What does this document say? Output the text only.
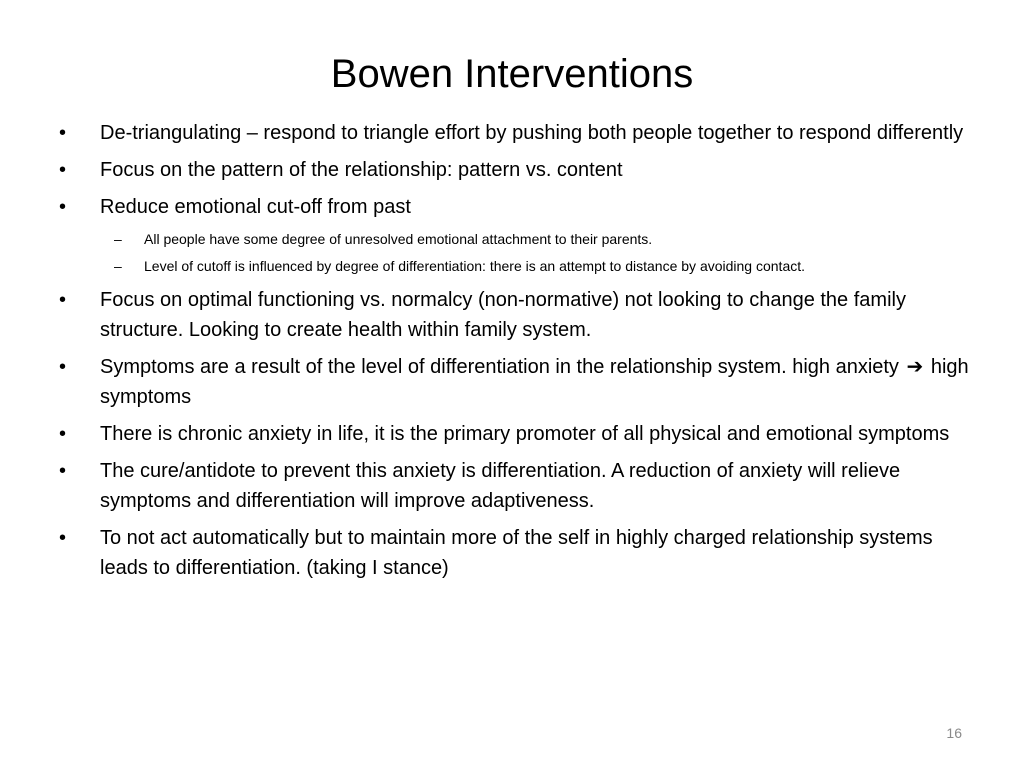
Bowen Interventions
•	De-triangulating – respond to triangle effort by pushing both people together to respond differently
•	Focus on the pattern of the relationship: pattern vs. content
•	Reduce emotional cut-off from past
–	All people have some degree of unresolved emotional attachment to their parents.
–	Level of cutoff is influenced by degree of differentiation: there is an attempt to distance by avoiding contact.
•	Focus on optimal functioning vs. normalcy (non-normative) not looking to change the family structure. Looking to create health within family system.
•	Symptoms are a result of the level of differentiation in the relationship system. high anxiety ➔ high symptoms
•	There is chronic anxiety in life, it is the primary promoter of all physical and emotional symptoms
•	The cure/antidote to prevent this anxiety is differentiation. A reduction of anxiety will relieve symptoms and differentiation will improve adaptiveness.
•	To not act automatically but to maintain more of the self in highly charged relationship systems leads to differentiation. (taking I stance)
16
